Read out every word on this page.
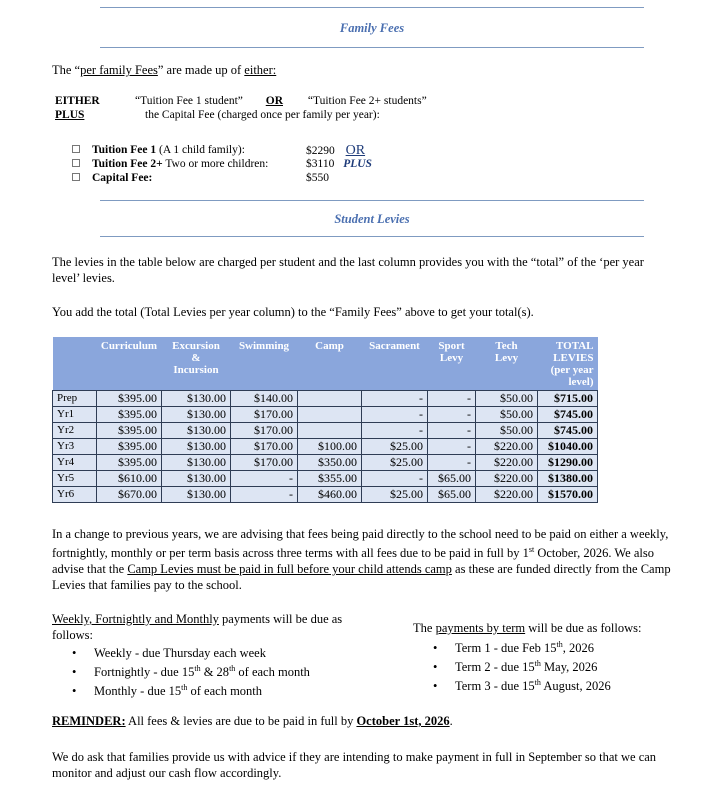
Family Fees
The “per family Fees” are made up of either:
EITHER	“Tuition Fee 1 student” OR “Tuition Fee 2+ students”
PLUS	the Capital Fee (charged once per family per year):
Tuition Fee 1 (A 1 child family):	$2290 OR
Tuition Fee 2+ Two or more children:	$3110 PLUS
Capital Fee:	$550
Student Levies
The levies in the table below are charged per student and the last column provides you with the “total” of the ‘per year level’ levies.
You add the total (Total Levies per year column) to the “Family Fees” above to get your total(s).
	Curriculum	Excursion & Incursion	Swimming	Camp	Sacrament	Sport Levy	Tech Levy	TOTAL LEVIES (per year level)
Prep	$395.00	$130.00	$140.00		-	-	$50.00	$715.00
Yr1	$395.00	$130.00	$170.00		-	-	$50.00	$745.00
Yr2	$395.00	$130.00	$170.00		-	-	$50.00	$745.00
Yr3	$395.00	$130.00	$170.00	$100.00	$25.00	-	$220.00	$1040.00
Yr4	$395.00	$130.00	$170.00	$350.00	$25.00	-	$220.00	$1290.00
Yr5	$610.00	$130.00	-	$355.00	-	$65.00	$220.00	$1380.00
Yr6	$670.00	$130.00	-	$460.00	$25.00	$65.00	$220.00	$1570.00
In a change to previous years, we are advising that fees being paid directly to the school need to be paid on either a weekly, fortnightly, monthly or per term basis across three terms with all fees due to be paid in full by 1st October, 2026. We also advise that the Camp Levies must be paid in full before your child attends camp as these are funded directly from the Camp Levies that families pay to the school.
Weekly, Fortnightly and Monthly payments will be due as follows:
• Weekly - due Thursday each week
• Fortnightly - due 15th & 28th of each month
• Monthly - due 15th of each month
The payments by term will be due as follows:
• Term 1 - due Feb 15th, 2026
• Term 2 - due 15th May, 2026
• Term 3 - due 15th August, 2026
REMINDER: All fees & levies are due to be paid in full by October 1st, 2026.
We do ask that families provide us with advice if they are intending to make payment in full in September so that we can monitor and adjust our cash flow accordingly.
